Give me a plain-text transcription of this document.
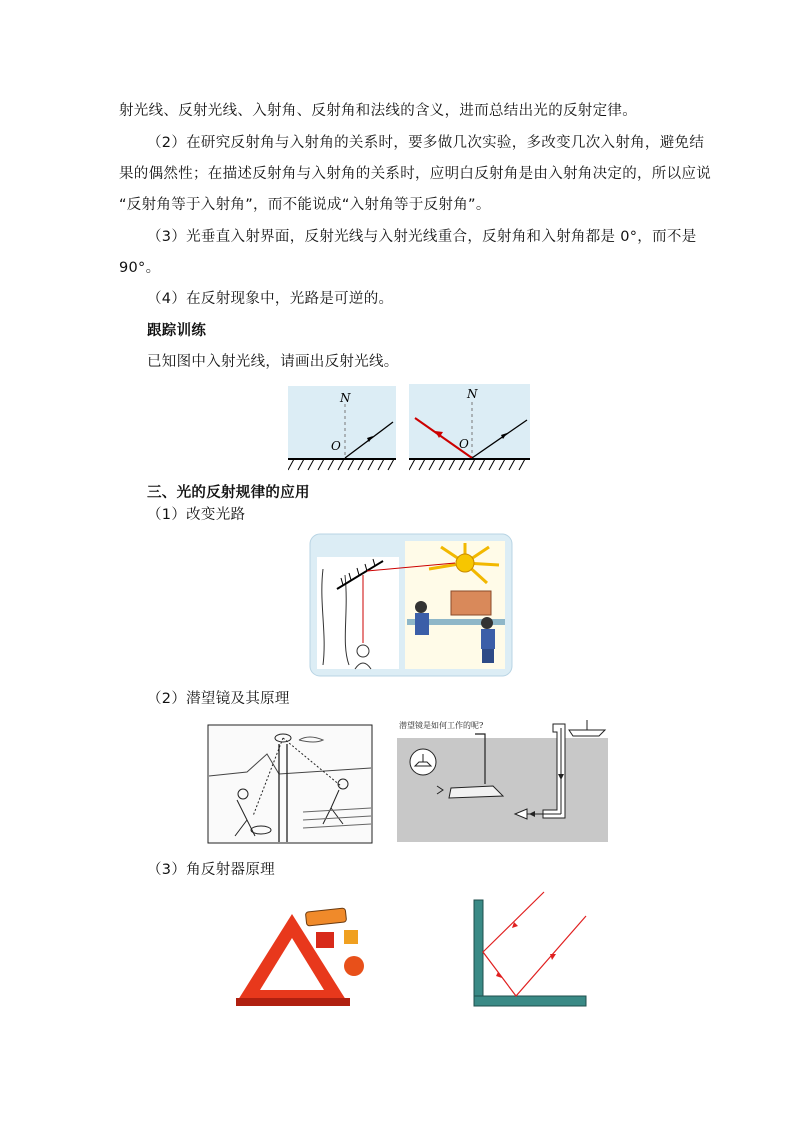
射光线、反射光线、入射角、反射角和法线的含义，进而总结出光的反射定律。
（2）在研究反射角与入射角的关系时，要多做几次实验，多改变几次入射角，避免结
果的偶然性；在描述反射角与入射角的关系时，应明白反射角是由入射角决定的，所以应说
“反射角等于入射角”，而不能说成“入射角等于反射角”。
（3）光垂直入射界面，反射光线与入射光线重合，反射角和入射角都是 0°，而不是
90°。
（4）在反射现象中，光路是可逆的。
跟踪训练
已知图中入射光线，请画出反射光线。
N
O
N
O
三、光的反射规律的应用
（1）改变光路
（2）潜望镜及其原理
潜望镜是如何工作的呢?
（3）角反射器原理
